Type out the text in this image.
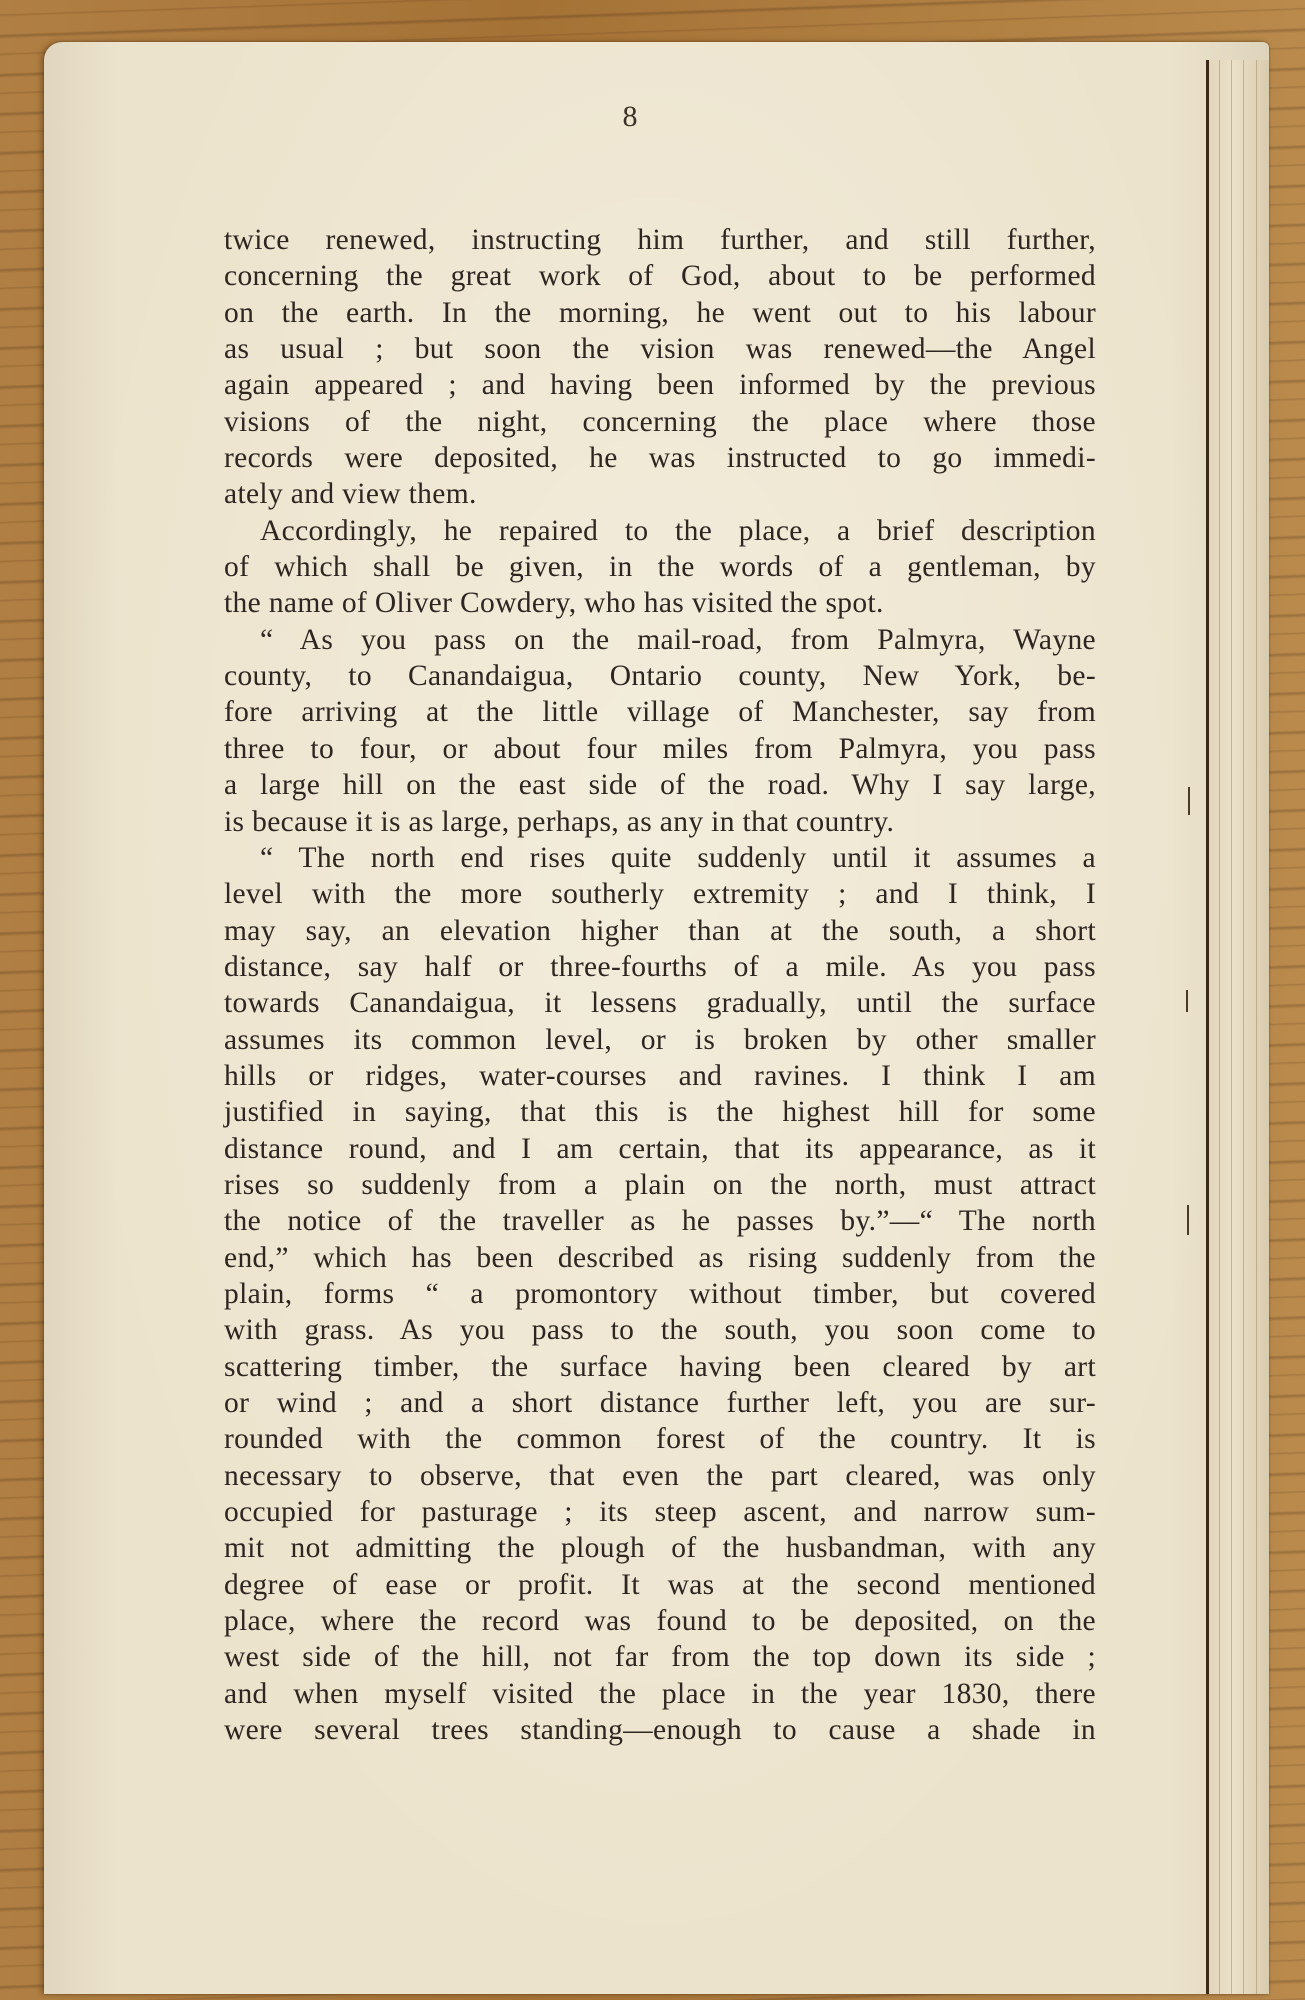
8
twice renewed, instructing him further, and still further,
concerning the great work of God, about to be performed
on the earth. In the morning, he went out to his labour
as usual ; but soon the vision was renewed—the Angel
again appeared ; and having been informed by the previous
visions of the night, concerning the place where those
records were deposited, he was instructed to go immedi-
ately and view them.
Accordingly, he repaired to the place, a brief description
of which shall be given, in the words of a gentleman, by
the name of Oliver Cowdery, who has visited the spot.
“ As you pass on the mail-road, from Palmyra, Wayne
county, to Canandaigua, Ontario county, New York, be-
fore arriving at the little village of Manchester, say from
three to four, or about four miles from Palmyra, you pass
a large hill on the east side of the road. Why I say large,
is because it is as large, perhaps, as any in that country.
“ The north end rises quite suddenly until it assumes a
level with the more southerly extremity ; and I think, I
may say, an elevation higher than at the south, a short
distance, say half or three-fourths of a mile. As you pass
towards Canandaigua, it lessens gradually, until the surface
assumes its common level, or is broken by other smaller
hills or ridges, water-courses and ravines. I think I am
justified in saying, that this is the highest hill for some
distance round, and I am certain, that its appearance, as it
rises so suddenly from a plain on the north, must attract
the notice of the traveller as he passes by.”—“ The north
end,” which has been described as rising suddenly from the
plain, forms “ a promontory without timber, but covered
with grass. As you pass to the south, you soon come to
scattering timber, the surface having been cleared by art
or wind ; and a short distance further left, you are sur-
rounded with the common forest of the country. It is
necessary to observe, that even the part cleared, was only
occupied for pasturage ; its steep ascent, and narrow sum-
mit not admitting the plough of the husbandman, with any
degree of ease or profit. It was at the second mentioned
place, where the record was found to be deposited, on the
west side of the hill, not far from the top down its side ;
and when myself visited the place in the year 1830, there
were several trees standing—enough to cause a shade in
